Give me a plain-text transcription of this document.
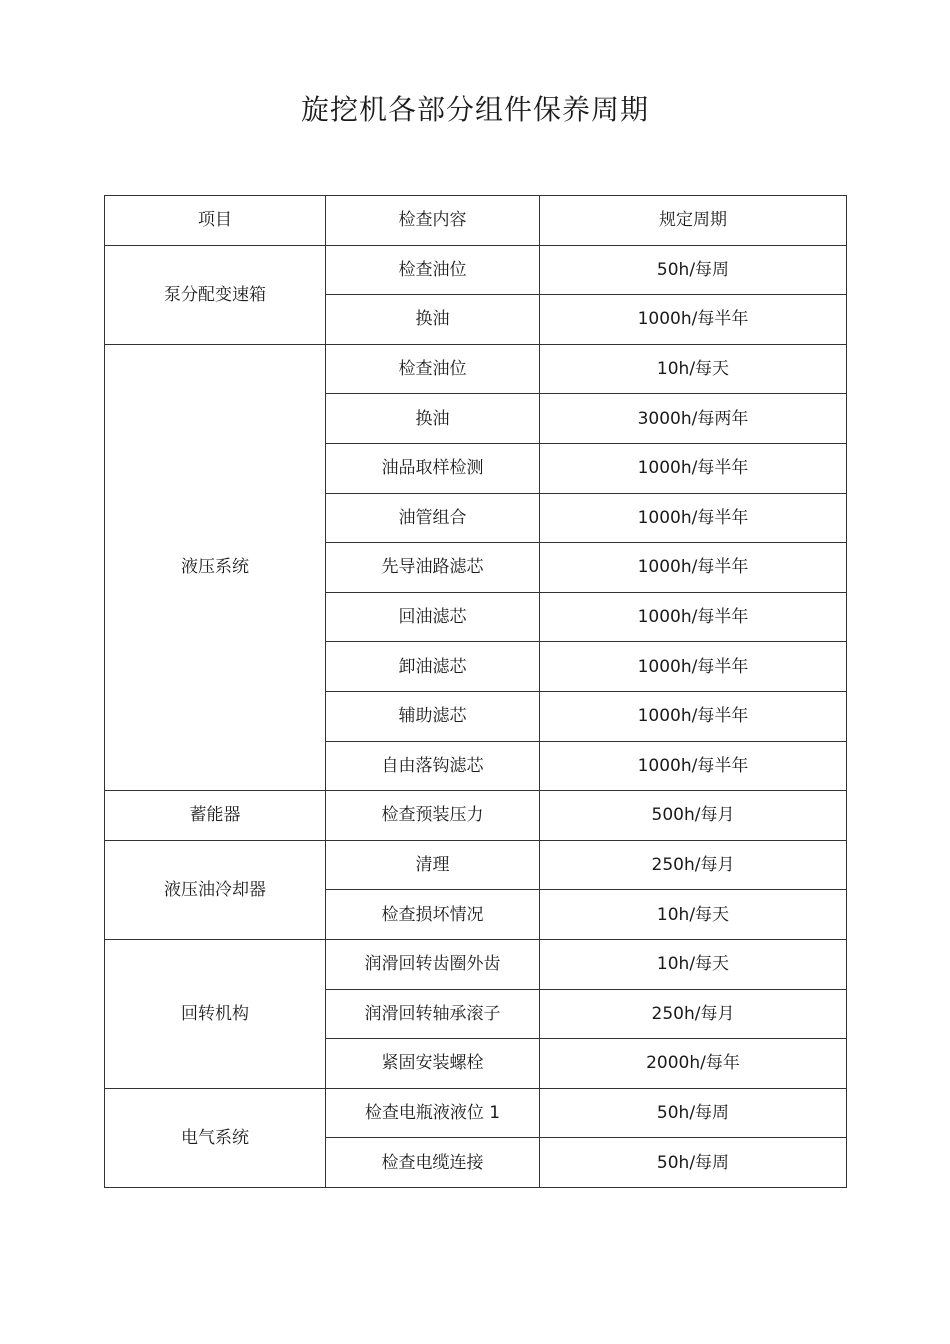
旋挖机各部分组件保养周期
项目	检查内容	规定周期
泵分配变速箱	检查油位	50h/每周
	换油	1000h/每半年
液压系统	检查油位	10h/每天
	换油	3000h/每两年
	油品取样检测	1000h/每半年
	油管组合	1000h/每半年
	先导油路滤芯	1000h/每半年
	回油滤芯	1000h/每半年
	卸油滤芯	1000h/每半年
	辅助滤芯	1000h/每半年
	自由落钩滤芯	1000h/每半年
蓄能器	检查预装压力	500h/每月
液压油冷却器	清理	250h/每月
	检查损坏情况	10h/每天
回转机构	润滑回转齿圈外齿	10h/每天
	润滑回转轴承滚子	250h/每月
	紧固安装螺栓	2000h/每年
电气系统	检查电瓶液液位 1	50h/每周
	检查电缆连接	50h/每周
